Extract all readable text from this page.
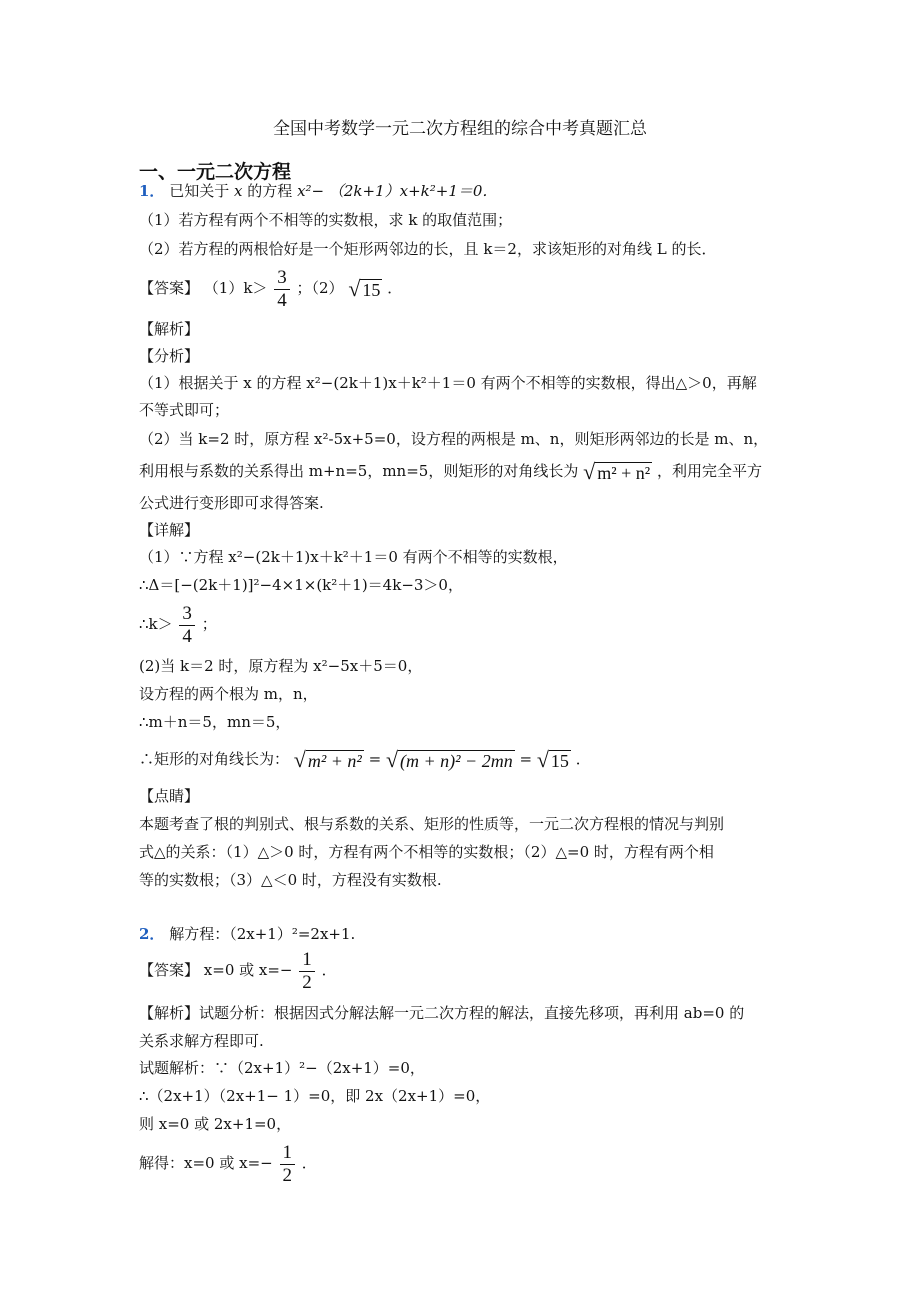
全国中考数学一元二次方程组的综合中考真题汇总
一、一元二次方程
1． 已知关于 x 的方程 x²− （2k+1）x+k²+1＝0．
（1）若方程有两个不相等的实数根，求 k 的取值范围；
（2）若方程的两根恰好是一个矩形两邻边的长，且 k＝2，求该矩形的对角线 L 的长．
【答案】 $(1)k> \frac{3}{4}$ ；（2） √ 15 ．
【解析】
【分析】
（1）根据关于 x 的方程 x²−(2k＋1)x＋k²＋1＝0 有两个不相等的实数根，得出△＞0，再解
不等式即可；
（2）当 k=2 时，原方程 x²-5x+5=0，设方程的两根是 m、n，则矩形两邻边的长是 m、n，
利用根与系数的关系得出 m+n=5，mn=5，则矩形的对角线长为 √ m² + n² ，利用完全平方
公式进行变形即可求得答案.
【详解】
（1）∵方程 x²−(2k＋1)x＋k²＋1＝0 有两个不相等的实数根，
∴Δ＝[−(2k＋1)]²−4×1×(k²＋1)＝4k−3＞0，
∴k＞ $\frac{3}{4}$ ；
(2)当 k＝2 时，原方程为 x²−5x＋5＝0，
设方程的两个根为 m，n，
∴m＋n＝5，mn＝5，
∴矩形的对角线长为： √ m² + n² = √ (m + n)² − 2mn = √ 15 ．
【点睛】
本题考查了根的判别式、根与系数的关系、矩形的性质等，一元二次方程根的情况与判别
式△的关系：（1）△＞0 时，方程有两个不相等的实数根；（2）△=0 时，方程有两个相
等的实数根；（3）△＜0 时，方程没有实数根.
2． 解方程：（2x+1）²=2x+1.
【答案】 x=0 或 $x=- \frac{1}{2}$ ．
【解析】试题分析：根据因式分解法解一元二次方程的解法，直接先移项，再利用 ab=0 的
关系求解方程即可.
试题解析：∵（2x+1）²−（2x+1）=0，
∴（2x+1）（2x+1− 1）=0，即 2x（2x+1）=0，
则 x=0 或 2x+1=0，
解得：x=0 或 $x=- \frac{1}{2}$ ．
